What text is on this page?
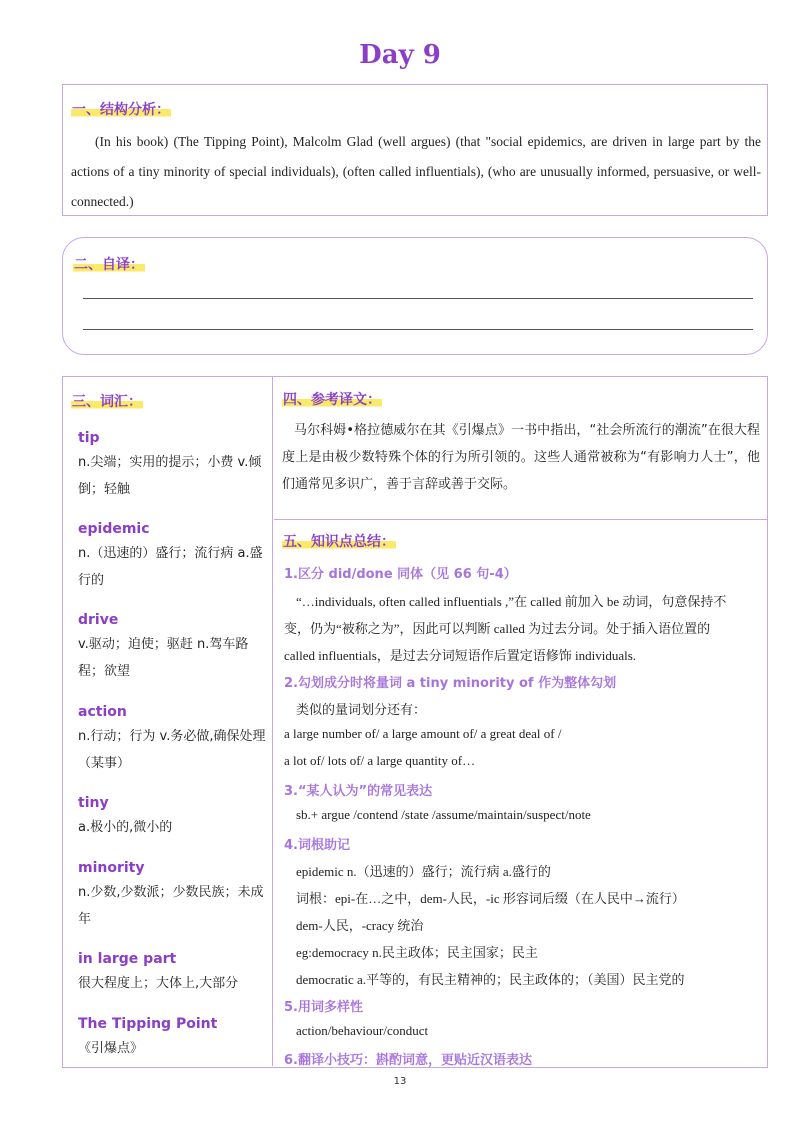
Day 9
一、结构分析：
(In his book) (The Tipping Point), Malcolm Glad (well argues) (that "social epidemics, are driven in large part by the actions of a tiny minority of special individuals), (often called influentials), (who are unusually informed, persuasive, or well-connected.)
二、自译：
三、词汇：
tip
n.尖端；实用的提示；小费 v.倾倒；轻触
epidemic
n.（迅速的）盛行；流行病 a.盛行的
drive
v.驱动；迫使；驱赶 n.驾车路程；欲望
action
n.行动；行为 v.务必做,确保处理（某事）
tiny
a.极小的,微小的
minority
n.少数,少数派；少数民族；未成年
in large part
很大程度上；大体上,大部分
The Tipping Point
《引爆点》
四、参考译文：
马尔科姆•格拉德威尔在其《引爆点》一书中指出，“社会所流行的潮流”在很大程度上是由极少数特殊个体的行为所引领的。这些人通常被称为“有影响力人士”，他们通常见多识广，善于言辞或善于交际。
五、知识点总结：
1.区分 did/done 同体（见 66 句-4）
“…individuals, often called influentials ,”在 called 前加入 be 动词，句意保持不
变，仍为“被称之为”，因此可以判断 called 为过去分词。处于插入语位置的
called influentials，是过去分词短语作后置定语修饰 individuals.
2.勾划成分时将量词 a tiny minority of 作为整体勾划
类似的量词划分还有：
a large number of/ a large amount of/ a great deal of /
a lot of/ lots of/ a large quantity of…
3.“某人认为”的常见表达
sb.+ argue /contend /state /assume/maintain/suspect/note
4.词根助记
epidemic n.（迅速的）盛行；流行病 a.盛行的
词根：epi-在…之中，dem-人民，-ic 形容词后缀（在人民中→流行）
dem-人民，-cracy 统治
eg:democracy n.民主政体；民主国家；民主
democratic a.平等的，有民主精神的；民主政体的；（美国）民主党的
5.用词多样性
action/behaviour/conduct
6.翻译小技巧：斟酌词意，更贴近汉语表达
13
